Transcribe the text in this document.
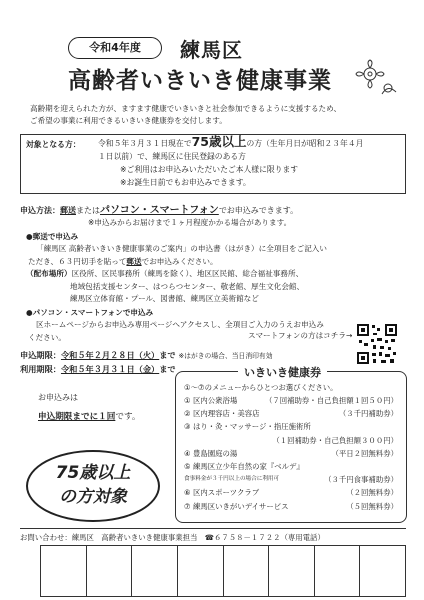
令和4年度	練馬区
高齢者いきいき健康事業
高齢期を迎えられた方が、ますます健康でいきいきと社会参加できるように支援するため、
ご希望の事業に利用できるいきいき健康券を交付します。
対象となる方： 令和５年３月３１日現在で75歳以上の方（生年月日が昭和２３年４月
１日以前）で、練馬区に住民登録のある方
※ご利用はお申込みいただいたご本人様に限ります
※お誕生日前でもお申込みできます。
申込方法：郵送またはパソコン・スマートフォンでお申込みできます。
※申込みからお届けまで１ヶ月程度かかる場合があります。
●郵送で申込み
「練馬区 高齢者いきいき健康事業のご案内」の申込書（はがき）に全項目をご記入い
ただき、６３円切手を貼って郵送でお申込みください。
（配布場所）区役所、区民事務所（練馬を除く）、地区区民館、総合福祉事務所、
地域包括支援センター、はつらつセンター、敬老館、厚生文化会館、
練馬区立体育館・プール、図書館、練馬区立美術館など
●パソコン・スマートフォンで申込み
区ホームページからお申込み専用ページへアクセスし、全項目ご入力のうえお申込み
ください。	スマートフォンの方はコチラ→
申込期限：令和５年２月２８日（火）まで ※はがきの場合、当日消印有効
利用期限：令和５年３月３１日（金）まで
お申込みは
申込期限までに１回です。
75歳以上
の方対象
いきいき健康券
①～⑦のメニューからひとつお選びください。
① 区内公衆浴場	（７回補助券・自己負担額１回５０円）
② 区内理容店・美容店	（３千円補助券）
③ はり・灸・マッサージ・指圧施術所
（１回補助券・自己負担額３００円）
④ 豊島園庭の湯	（平日２回無料券）
⑤ 練馬区立少年自然の家『ベルデ』
食事料金が３千円以上の場合に利用可	（３千円食事補助券）
⑥ 区内スポーツクラブ	（２回無料券）
⑦ 練馬区いきがいデイサービス	（５回無料券）
お問い合わせ：練馬区　高齢者いきいき健康事業担当　☎６７５８－１７２２（専用電話）
